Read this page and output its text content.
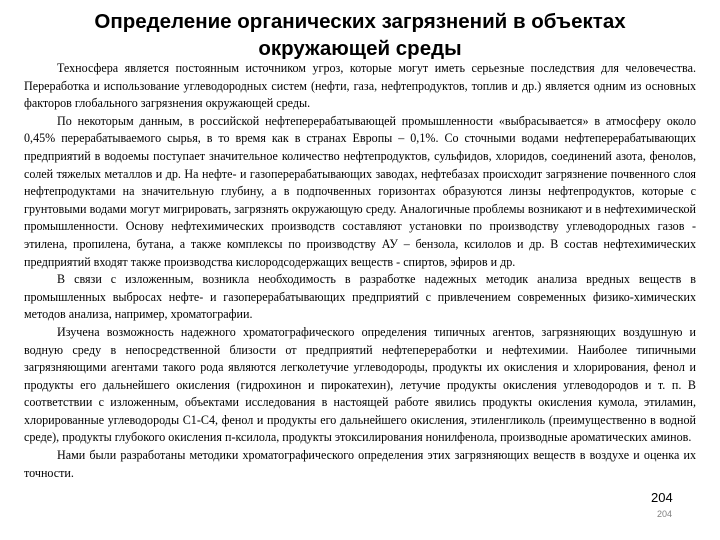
Определение органических загрязнений в объектах
окружающей среды

Техносфера является постоянным источником угроз, которые могут иметь серьезные последствия для человечества. Переработка и использование углеводородных систем (нефти, газа, нефтепродуктов, топлив и др.) является одним из основных факторов глобального загрязнения окружающей среды.

По некоторым данным, в российской нефтеперерабатывающей промышленности «выбрасывается» в атмосферу около 0,45% перерабатываемого сырья, в то время как в странах Европы – 0,1%. Со сточными водами нефтеперерабатывающих предприятий в водоемы поступает значительное количество нефтепродуктов, сульфидов, хлоридов, соединений азота, фенолов, солей тяжелых металлов и др. На нефте- и газоперерабатывающих заводах, нефтебазах происходит загрязнение почвенного слоя нефтепродуктами на значительную глубину, а в подпочвенных горизонтах образуются линзы нефтепродуктов, которые с грунтовыми водами могут мигрировать, загрязнять окружающую среду. Аналогичные проблемы возникают и в нефтехимической промышленности. Основу нефтехимических производств составляют установки по производству углеводородных газов - этилена, пропилена, бутана, а также комплексы по производству АУ – бензола, ксилолов и др. В состав нефтехимических предприятий входят также производства кислородсодержащих веществ - спиртов, эфиров и др.

В связи с изложенным, возникла необходимость в разработке надежных методик анализа вредных веществ в промышленных выбросах нефте- и газоперерабатывающих предприятий с привлечением современных физико-химических методов анализа, например, хроматографии.

Изучена возможность надежного хроматографического определения типичных агентов, загрязняющих воздушную и водную среду в непосредственной близости от предприятий нефтепереработки и нефтехимии. Наиболее типичными загрязняющими агентами такого рода являются легколетучие углеводороды, продукты их окисления и хлорирования, фенол и продукты его дальнейшего окисления (гидрохинон и пирокатехин), летучие продукты окисления углеводородов и т. п. В соответствии с изложенным, объектами исследования в настоящей работе явились продукты окисления кумола, этиламин, хлорированные углеводороды С1-С4, фенол и продукты его дальнейшего окисления, этиленгликоль (преимущественно в водной среде), продукты глубокого окисления п-ксилола, продукты этоксилирования нонилфенола, производные ароматических аминов.

Нами были разработаны методики хроматографического определения этих загрязняющих веществ в воздухе и оценка их точности.

204
204
